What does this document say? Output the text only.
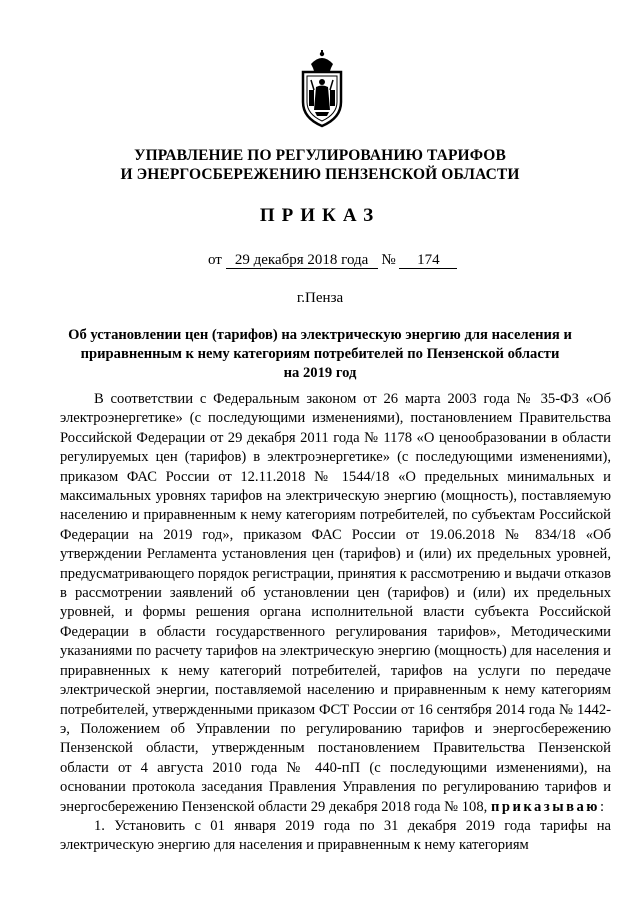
УПРАВЛЕНИЕ ПО РЕГУЛИРОВАНИЮ ТАРИФОВ
И ЭНЕРГОСБЕРЕЖЕНИЮ ПЕНЗЕНСКОЙ ОБЛАСТИ
ПРИКАЗ
от 29 декабря 2018 года № 174
г.Пенза
Об установлении цен (тарифов) на электрическую энергию для населения и
приравненным к нему категориям потребителей по Пензенской области
на 2019 год

В соответствии с Федеральным законом от 26 марта 2003 года № 35-ФЗ «Об электроэнергетике» (с последующими изменениями), постановлением Правительства Российской Федерации от 29 декабря 2011 года № 1178 «О ценообразовании в области регулируемых цен (тарифов) в электроэнергетике» (с последующими изменениями), приказом ФАС России от 12.11.2018 № 1544/18 «О предельных минимальных и максимальных уровнях тарифов на электрическую энергию (мощность), поставляемую населению и приравненным к нему категориям потребителей, по субъектам Российской Федерации на 2019 год», приказом ФАС России от 19.06.2018 № 834/18 «Об утверждении Регламента установления цен (тарифов) и (или) их предельных уровней, предусматривающего порядок регистрации, принятия к рассмотрению и выдачи отказов в рассмотрении заявлений об установлении цен (тарифов) и (или) их предельных уровней, и формы решения органа исполнительной власти субъекта Российской Федерации в области государственного регулирования тарифов», Методическими указаниями по расчету тарифов на электрическую энергию (мощность) для населения и приравненных к нему категорий потребителей, тарифов на услуги по передаче электрической энергии, поставляемой населению и приравненным к нему категориям потребителей, утвержденными приказом ФСТ России от 16 сентября 2014 года № 1442-э, Положением об Управлении по регулированию тарифов и энергосбережению Пензенской области, утвержденным постановлением Правительства Пензенской области от 4 августа 2010 года № 440-пП (с последующими изменениями), на основании протокола заседания Правления Управления по регулированию тарифов и энергосбережению Пензенской области 29 декабря 2018 года № 108, приказываю:

1. Установить с 01 января 2019 года по 31 декабря 2019 года тарифы на электрическую энергию для населения и приравненным к нему категориям
